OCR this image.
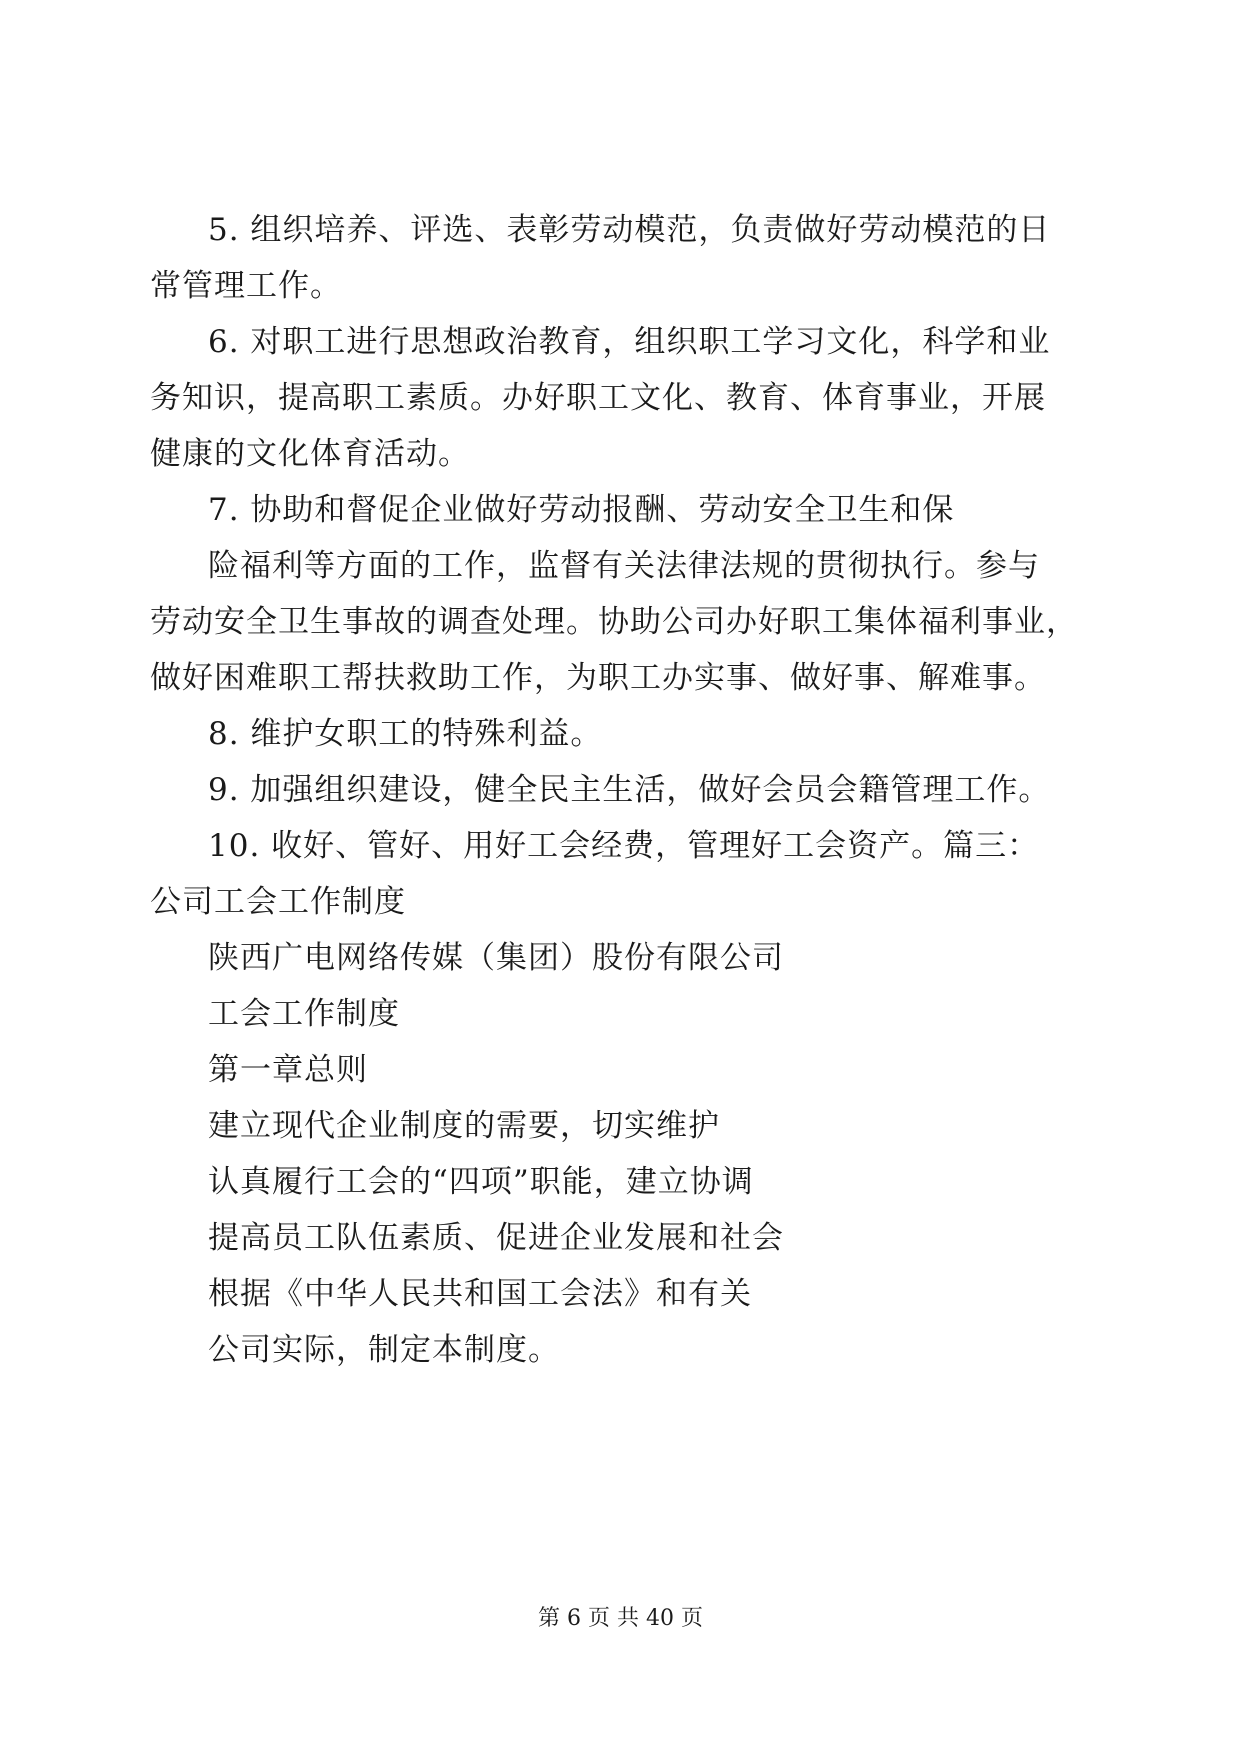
5. 组织培养、评选、表彰劳动模范，负责做好劳动模范的日
常管理工作。
6. 对职工进行思想政治教育，组织职工学习文化，科学和业
务知识，提高职工素质。办好职工文化、教育、体育事业，开展
健康的文化体育活动。
7. 协助和督促企业做好劳动报酬、劳动安全卫生和保
险福利等方面的工作，监督有关法律法规的贯彻执行。参与
劳动安全卫生事故的调查处理。协助公司办好职工集体福利事业，
做好困难职工帮扶救助工作，为职工办实事、做好事、解难事。
8. 维护女职工的特殊利益。
9. 加强组织建设，健全民主生活，做好会员会籍管理工作。
10. 收好、管好、用好工会经费，管理好工会资产。篇三：
公司工会工作制度
陕西广电网络传媒（集团）股份有限公司
工会工作制度
第一章总则
建立现代企业制度的需要，切实维护
认真履行工会的“四项”职能，建立协调
提高员工队伍素质、促进企业发展和社会
根据《中华人民共和国工会法》和有关
公司实际，制定本制度。
第 6 页 共 40 页
